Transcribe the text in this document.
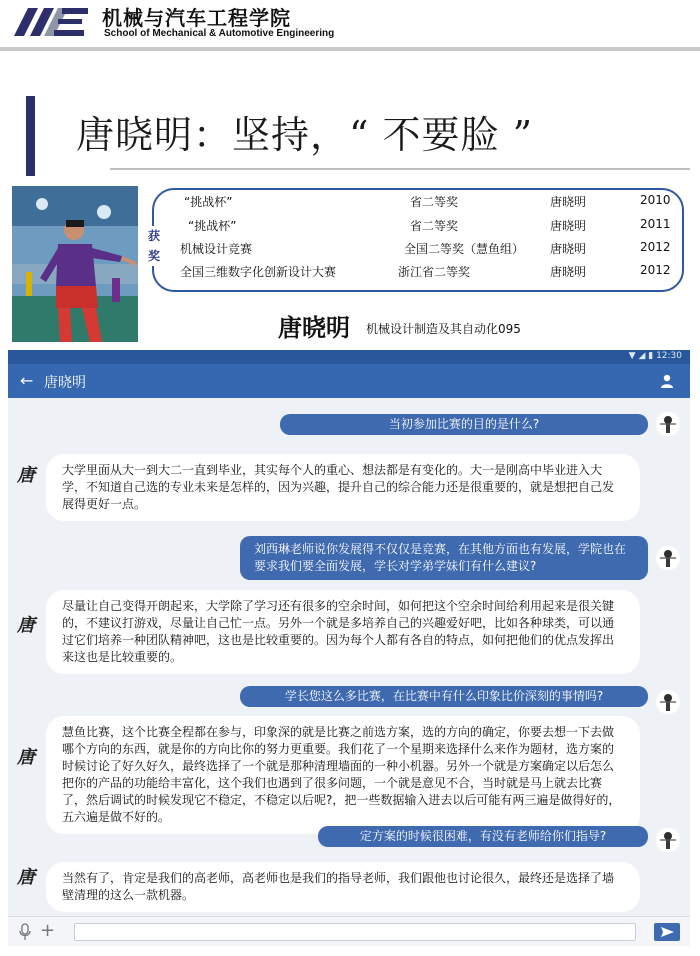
机械与汽车工程学院
School of Mechanical & Automotive Engineering
唐晓明：坚持，“ 不要脸 ”
获
奖
“挑战杯”	省二等奖	唐晓明	2010
“挑战杯”	省二等奖	唐晓明	2011
机械设计竞赛	全国二等奖（慧鱼组） 唐晓明	2012
全国三维数字化创新设计大赛	浙江省二等奖	唐晓明	2012
唐晓明 机械设计制造及其自动化095
▼ ◢ ▮ 12:30
← 唐晓明
当初参加比赛的目的是什么?
唐	大学里面从大一到大二一直到毕业，其实每个人的重心、想法都是有变化的。大一是刚高中毕业进入大学，不知道自己选的专业未来是怎样的，因为兴趣，提升自己的综合能力还是很重要的，就是想把自己发展得更好一点。
刘西琳老师说你发展得不仅仅是竞赛，在其他方面也有发展，学院也在要求我们要全面发展，学长对学弟学妹们有什么建议?
唐
尽量让自己变得开朗起来，大学除了学习还有很多的空余时间，如何把这个空余时间给利用起来是很关键的，不建议打游戏，尽量让自己忙一点。另外一个就是多培养自己的兴趣爱好吧，比如各种球类，可以通过它们培养一种团队精神吧，这也是比较重要的。因为每个人都有各自的特点，如何把他们的优点发挥出来这也是比较重要的。
学长您这么多比赛，在比赛中有什么印象比价深刻的事情吗?
唐
慧鱼比赛，这个比赛全程都在参与，印象深的就是比赛之前选方案，选的方向的确定，你要去想一下去做哪个方向的东西，就是你的方向比你的努力更重要。我们花了一个星期来选择什么来作为题材，选方案的时候讨论了好久好久，最终选择了一个就是那种清理墙面的一种小机器。另外一个就是方案确定以后怎么把你的产品的功能给丰富化，这个我们也遇到了很多问题，一个就是意见不合，当时就是马上就去比赛了，然后调试的时候发现它不稳定，不稳定以后呢?，把一些数据输入进去以后可能有两三遍是做得好的，五六遍是做不好的。
定方案的时候很困难，有没有老师给你们指导?
唐	当然有了，肯定是我们的高老师，高老师也是我们的指导老师，我们跟他也讨论很久，最终还是选择了墙壁清理的这么一款机器。
+
